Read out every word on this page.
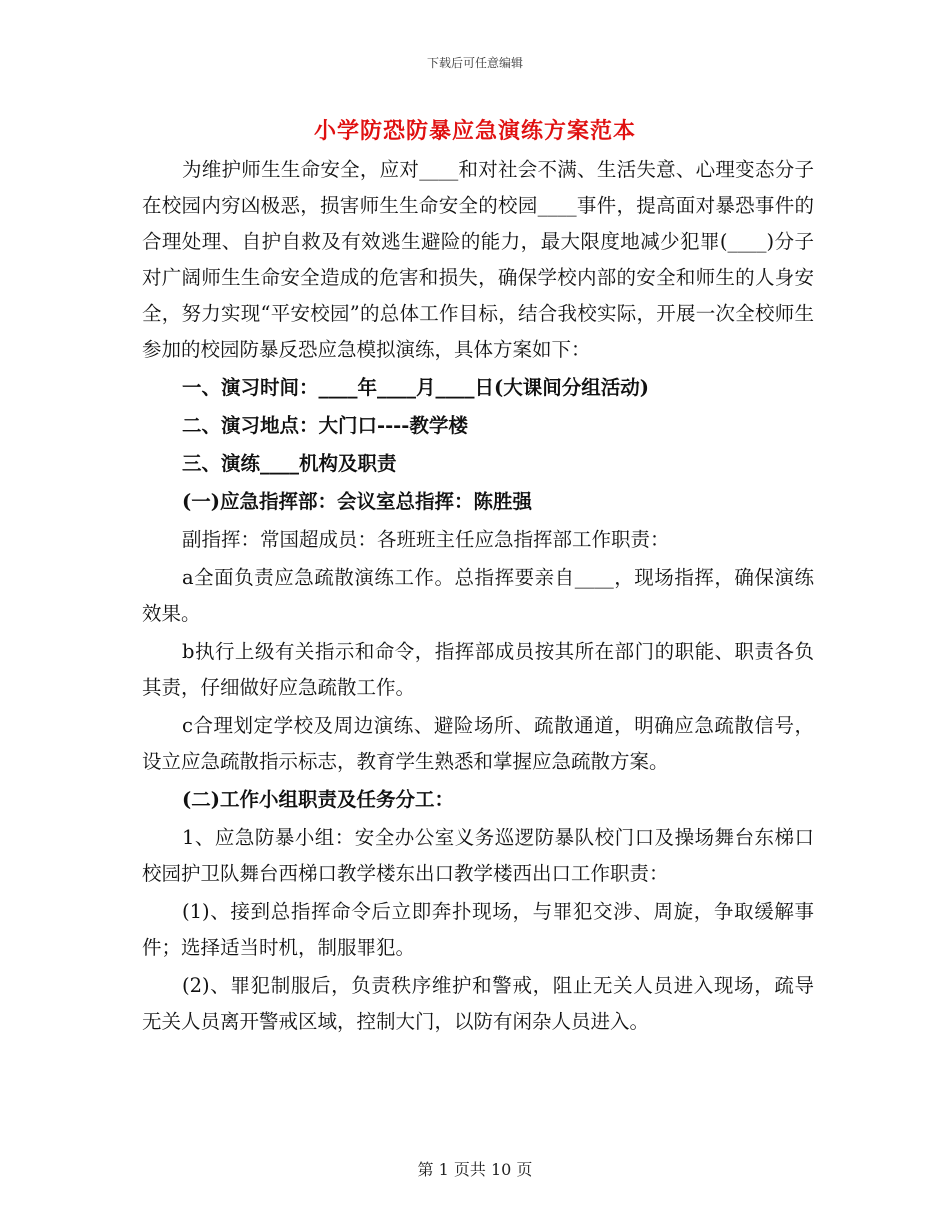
下载后可任意编辑
小学防恐防暴应急演练方案范本

为维护师生生命安全，应对____和对社会不满、生活失意、心理变态分子在校园内穷凶极恶，损害师生生命安全的校园____事件，提高面对暴恐事件的合理处理、自护自救及有效逃生避险的能力，最大限度地减少犯罪(____)分子对广阔师生生命安全造成的危害和损失，确保学校内部的安全和师生的人身安全，努力实现“平安校园”的总体工作目标，结合我校实际，开展一次全校师生参加的校园防暴反恐应急模拟演练，具体方案如下：

一、演习时间：____年____月____日(大课间分组活动)

二、演习地点：大门口----教学楼

三、演练____机构及职责

(一)应急指挥部：会议室总指挥：陈胜强

副指挥：常国超成员：各班班主任应急指挥部工作职责：

a全面负责应急疏散演练工作。总指挥要亲自____，现场指挥，确保演练效果。

b执行上级有关指示和命令，指挥部成员按其所在部门的职能、职责各负其责，仔细做好应急疏散工作。

c合理划定学校及周边演练、避险场所、疏散通道，明确应急疏散信号，设立应急疏散指示标志，教育学生熟悉和掌握应急疏散方案。

(二)工作小组职责及任务分工：

1、应急防暴小组：安全办公室义务巡逻防暴队校门口及操场舞台东梯口校园护卫队舞台西梯口教学楼东出口教学楼西出口工作职责：

(1)、接到总指挥命令后立即奔扑现场，与罪犯交涉、周旋，争取缓解事件；选择适当时机，制服罪犯。

(2)、罪犯制服后，负责秩序维护和警戒，阻止无关人员进入现场，疏导无关人员离开警戒区域，控制大门，以防有闲杂人员进入。

第 1 页共 10 页
